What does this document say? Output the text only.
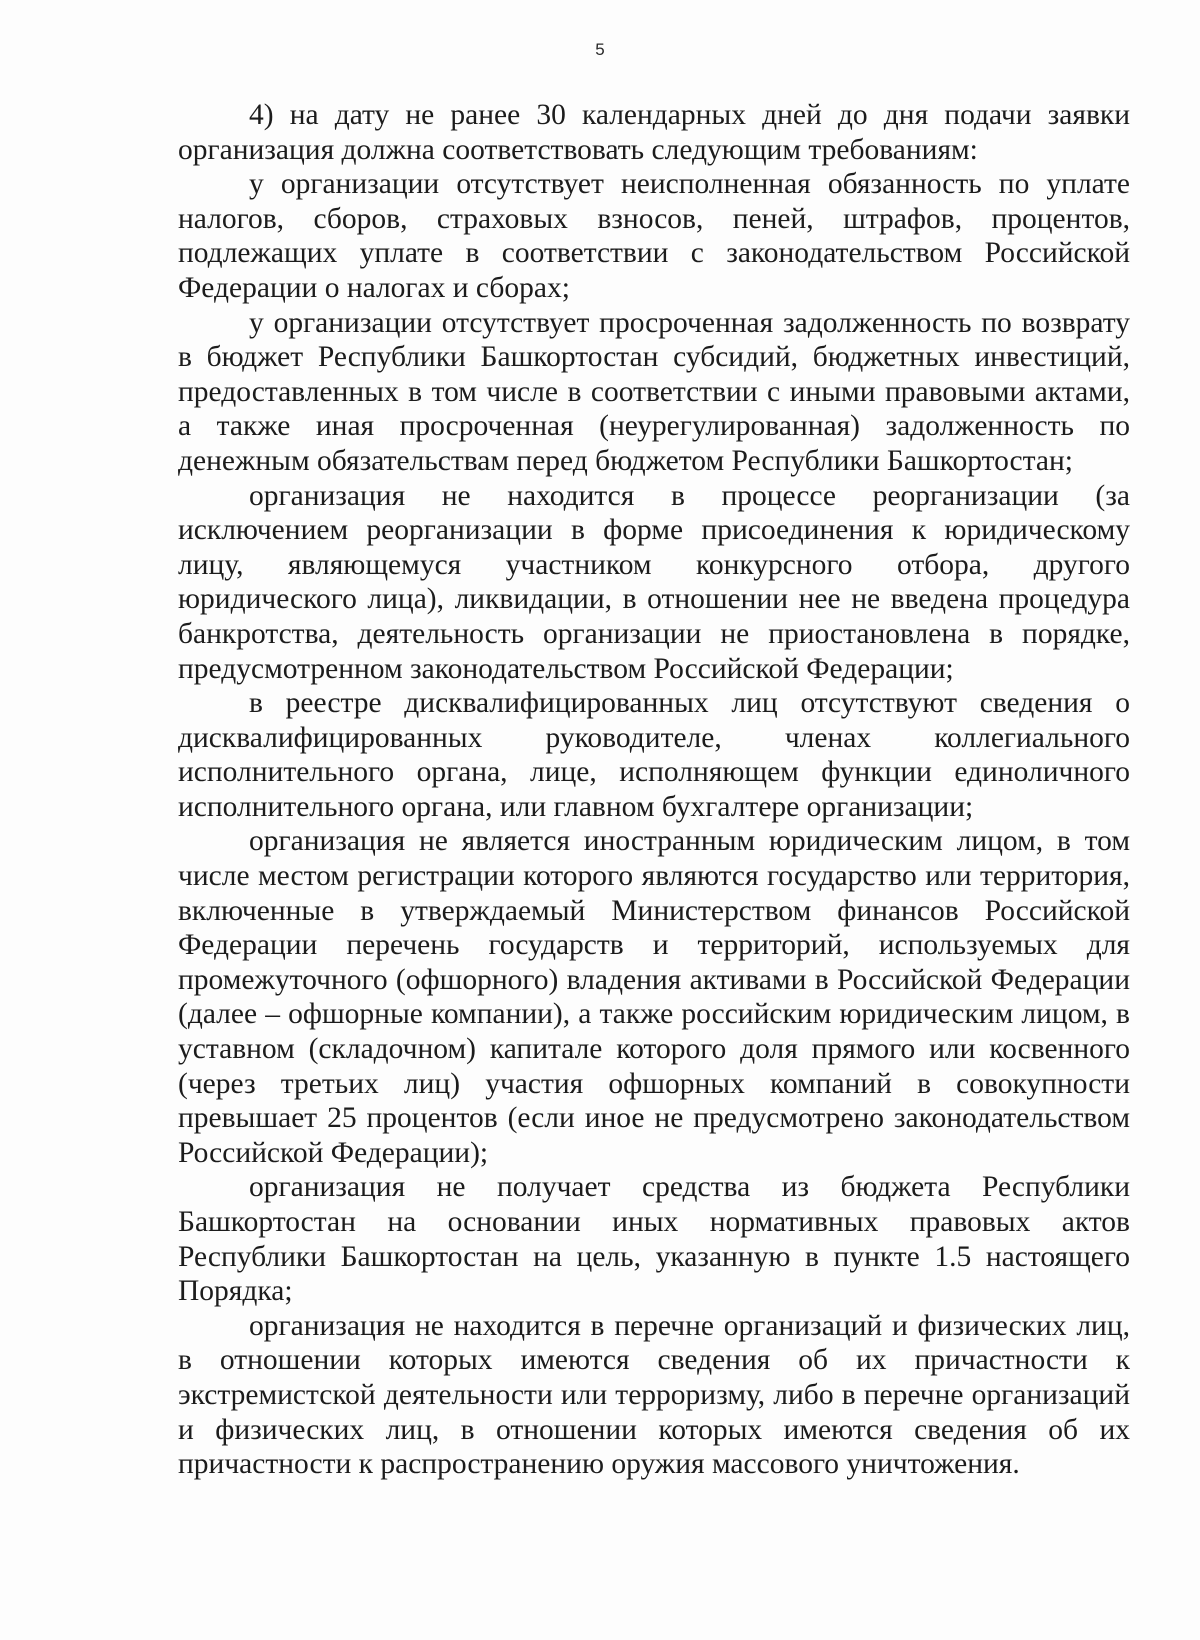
5

4) на дату не ранее 30 календарных дней до дня подачи заявки организация должна соответствовать следующим требованиям:

у организации отсутствует неисполненная обязанность по уплате налогов, сборов, страховых взносов, пеней, штрафов, процентов, подлежащих уплате в соответствии с законодательством Российской Федерации о налогах и сборах;

у организации отсутствует просроченная задолженность по возврату в бюджет Республики Башкортостан субсидий, бюджетных инвестиций, предоставленных в том числе в соответствии с иными правовыми актами, а также иная просроченная (неурегулированная) задолженность по денежным обязательствам перед бюджетом Республики Башкортостан;

организация не находится в процессе реорганизации (за исключением реорганизации в форме присоединения к юридическому лицу, являющемуся участником конкурсного отбора, другого юридического лица), ликвидации, в отношении нее не введена процедура банкротства, деятельность организации не приостановлена в порядке, предусмотренном законодательством Российской Федерации;

в реестре дисквалифицированных лиц отсутствуют сведения о дисквалифицированных руководителе, членах коллегиального исполнительного органа, лице, исполняющем функции единоличного исполнительного органа, или главном бухгалтере организации;

организация не является иностранным юридическим лицом, в том числе местом регистрации которого являются государство или территория, включенные в утверждаемый Министерством финансов Российской Федерации перечень государств и территорий, используемых для промежуточного (офшорного) владения активами в Российской Федерации (далее – офшорные компании), а также российским юридическим лицом, в уставном (складочном) капитале которого доля прямого или косвенного (через третьих лиц) участия офшорных компаний в совокупности превышает 25 процентов (если иное не предусмотрено законодательством Российской Федерации);

организация не получает средства из бюджета Республики Башкортостан на основании иных нормативных правовых актов Республики Башкортостан на цель, указанную в пункте 1.5 настоящего Порядка;

организация не находится в перечне организаций и физических лиц, в отношении которых имеются сведения об их причастности к экстремистской деятельности или терроризму, либо в перечне организаций и физических лиц, в отношении которых имеются сведения об их причастности к распространению оружия массового уничтожения.
